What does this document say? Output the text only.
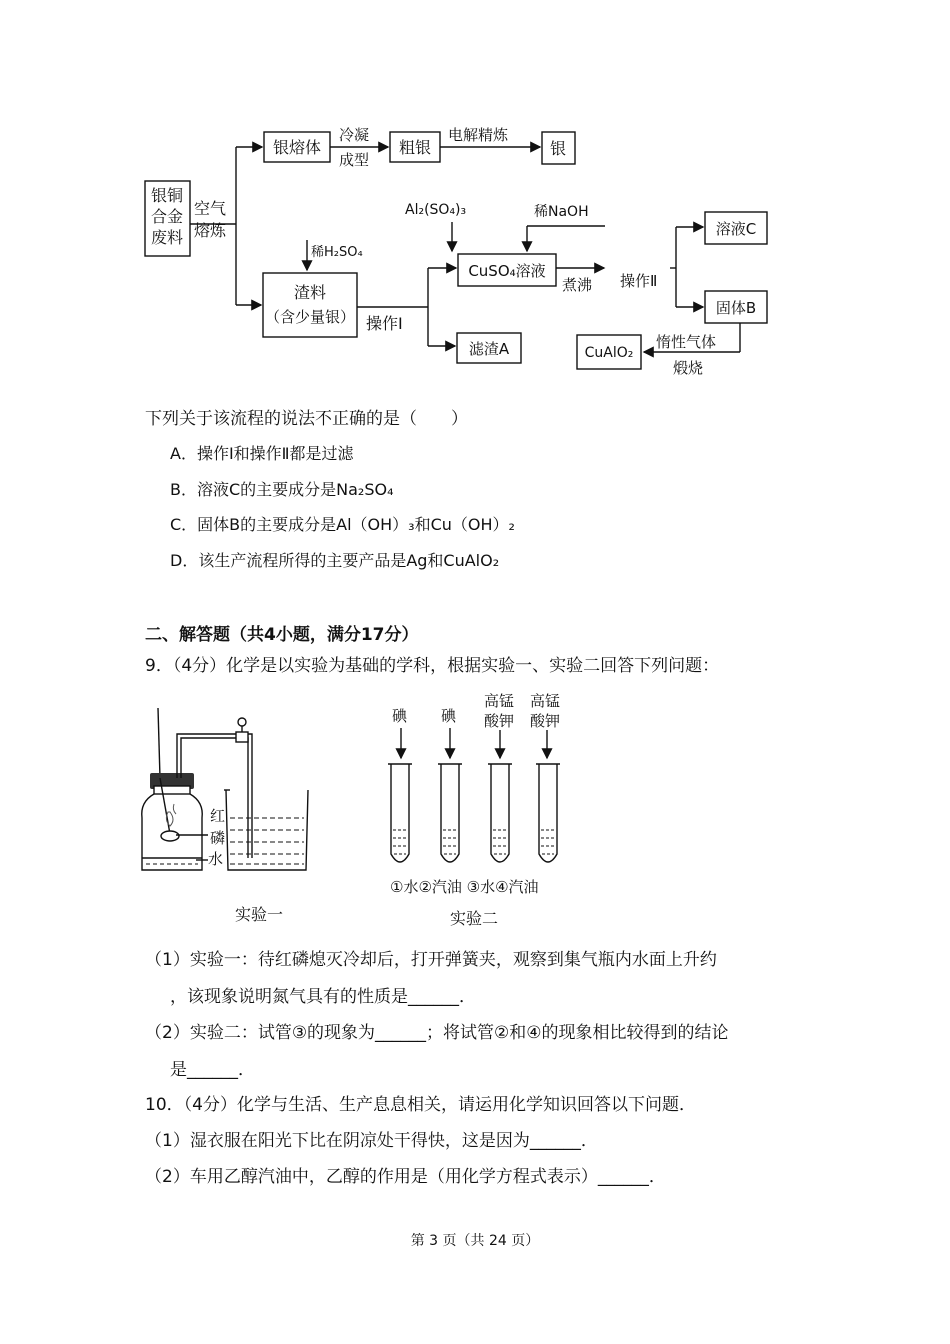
银铜
合金
废料
空气
熔炼
银熔体
冷凝
成型
粗银
电解精炼
银
稀H₂SO₄
渣料
（含少量银） 操作Ⅰ
Al₂(SO₄)₃	稀NaOH
CuSO₄溶液
煮沸 操作Ⅱ
滤渣A
溶液C
固体B
惰性气体
煅烧
CuAlO₂
下列关于该流程的说法不正确的是（　　）
A．操作Ⅰ和操作Ⅱ都是过滤
B．溶液C的主要成分是Na₂SO₄
C．固体B的主要成分是Al（OH）₃和Cu（OH）₂
D．该生产流程所得的主要产品是Ag和CuAlO₂
二、解答题（共4小题，满分17分）
9．（4分）化学是以实验为基础的学科，根据实验一、实验二回答下列问题：
红
磷
水
实验一
碘 碘
高锰
酸钾
高锰
酸钾
①水②汽油 ③水④汽油
实验二
（1）实验一：待红磷熄灭冷却后，打开弹簧夹，观察到集气瓶内水面上升约
，该现象说明氮气具有的性质是______．
（2）实验二：试管③的现象为______；将试管②和④的现象相比较得到的结论
是______．
10．（4分）化学与生活、生产息息相关，请运用化学知识回答以下问题．
（1）湿衣服在阳光下比在阴凉处干得快，这是因为______．
（2）车用乙醇汽油中，乙醇的作用是（用化学方程式表示）______．
第 3 页（共 24 页）
